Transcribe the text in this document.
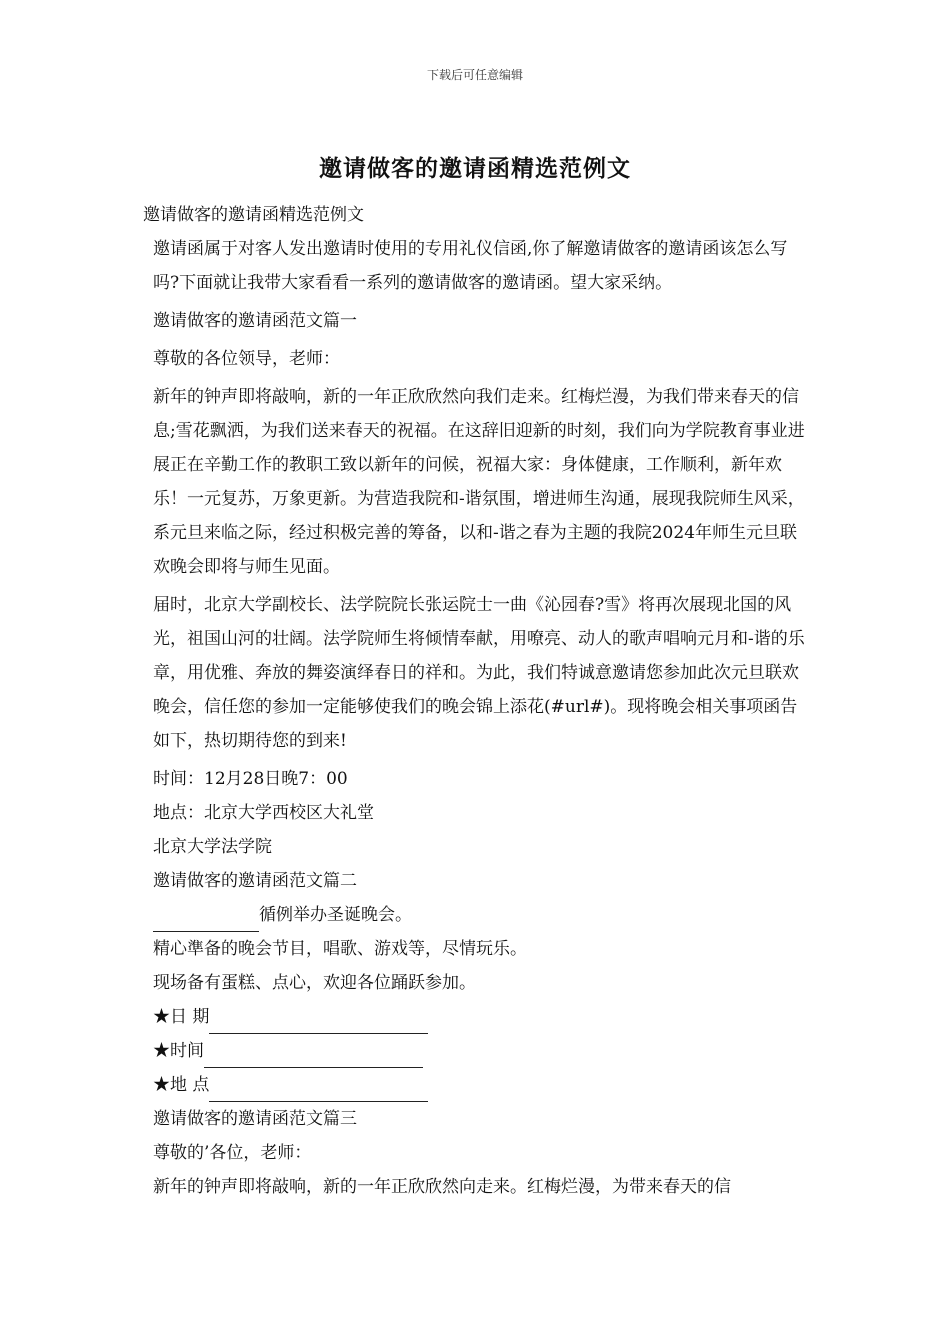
下载后可任意编辑
邀请做客的邀请函精选范例文

邀请做客的邀请函精选范例文

邀请函属于对客人发出邀请时使用的专用礼仪信函,你了解邀请做客的邀请函该怎么写吗?下面就让我带大家看看一系列的邀请做客的邀请函。望大家采纳。

邀请做客的邀请函范文篇一

尊敬的各位领导，老师：

新年的钟声即将敲响，新的一年正欣欣然向我们走来。红梅烂漫，为我们带来春天的信息;雪花飘洒，为我们送来春天的祝福。在这辞旧迎新的时刻，我们向为学院教育事业进展正在辛勤工作的教职工致以新年的问候，祝福大家：身体健康，工作顺利，新年欢乐！一元复苏，万象更新。为营造我院和-谐氛围，增进师生沟通，展现我院师生风采，系元旦来临之际，经过积极完善的筹备，以和-谐之春为主题的我院2024年师生元旦联欢晚会即将与师生见面。

届时，北京大学副校长、法学院院长张运院士一曲《沁园春?雪》将再次展现北国的风光，祖国山河的壮阔。法学院师生将倾情奉献，用嘹亮、动人的歌声唱响元月和-谐的乐章，用优雅、奔放的舞姿演绎春日的祥和。为此，我们特诚意邀请您参加此次元旦联欢晚会，信任您的参加一定能够使我们的晚会锦上添花(#url#)。现将晚会相关事项函告如下，热切期待您的到来!

时间：12月28日晚7：00

地点：北京大学西校区大礼堂

北京大学法学院

邀请做客的邀请函范文篇二

循例举办圣诞晚会。

精心準备的晚会节目，唱歌、游戏等，尽情玩乐。

现场备有蛋糕、点心，欢迎各位踊跃参加。

★日 期

★时间

★地 点

邀请做客的邀请函范文篇三

尊敬的’各位，老师：

新年的钟声即将敲响，新的一年正欣欣然向走来。红梅烂漫，为带来春天的信
